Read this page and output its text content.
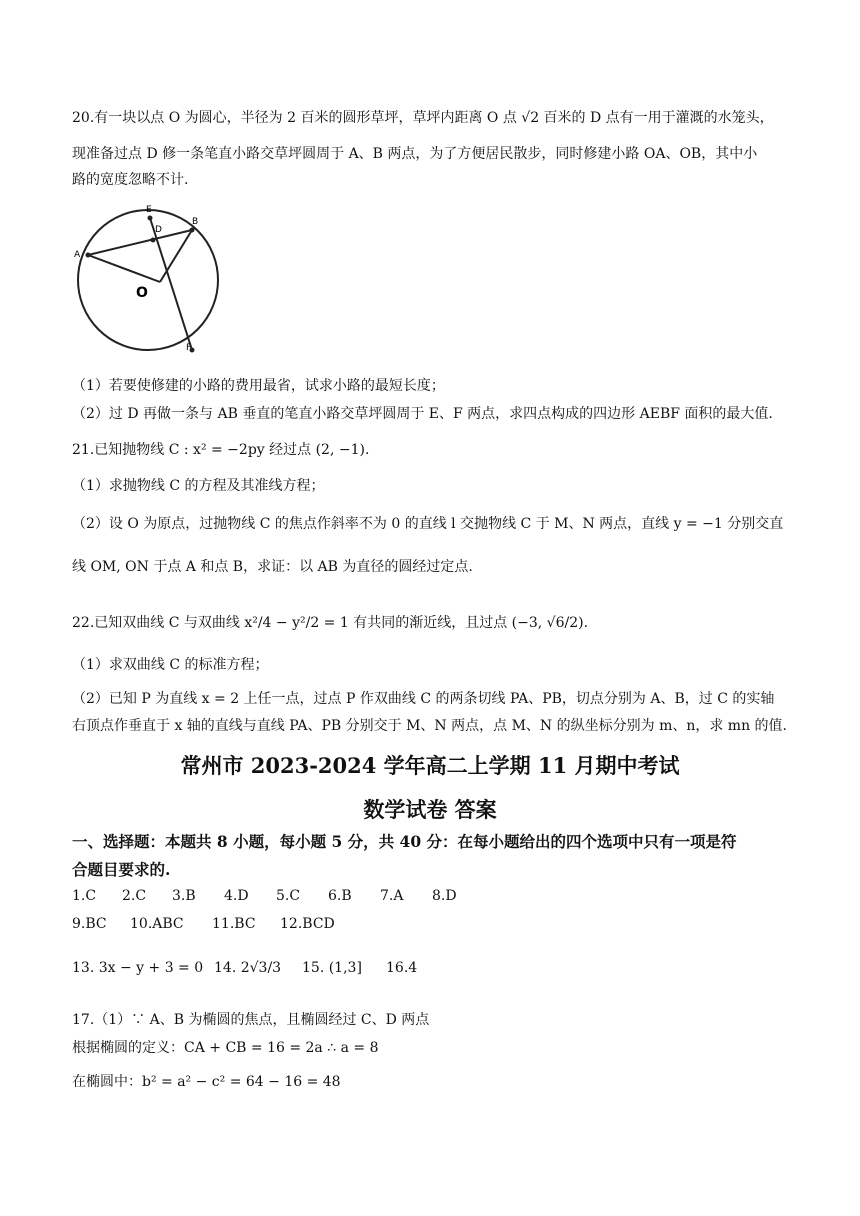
20.有一块以点 O 为圆心，半径为 2 百米的圆形草坪，草坪内距离 O 点 √2 百米的 D 点有一用于灌溉的水笼头，
现准备过点 D 修一条笔直小路交草坪圆周于 A、B 两点，为了方便居民散步，同时修建小路 OA、OB，其中小
路的宽度忽略不计.
A
B
E
D
O
F
（1）若要使修建的小路的费用最省，试求小路的最短长度；
（2）过 D 再做一条与 AB 垂直的笔直小路交草坪圆周于 E、F 两点，求四点构成的四边形 AEBF 面积的最大值.
21.已知抛物线 C : x² = −2py 经过点 (2, −1).
（1）求抛物线 C 的方程及其准线方程；
（2）设 O 为原点，过抛物线 C 的焦点作斜率不为 0 的直线 l 交抛物线 C 于 M、N 两点，直线 y = −1 分别交直
线 OM, ON 于点 A 和点 B，求证：以 AB 为直径的圆经过定点.
22.已知双曲线 C 与双曲线 x²/4 − y²/2 = 1 有共同的渐近线，且过点 (−3, √6/2).
（1）求双曲线 C 的标准方程；
（2）已知 P 为直线 x = 2 上任一点，过点 P 作双曲线 C 的两条切线 PA、PB，切点分别为 A、B，过 C 的实轴
右顶点作垂直于 x 轴的直线与直线 PA、PB 分别交于 M、N 两点，点 M、N 的纵坐标分别为 m、n，求 mn 的值.
常州市 2023-2024 学年高二上学期 11 月期中考试
数学试卷 答案
一、选择题：本题共 8 小题，每小题 5 分，共 40 分：在每小题给出的四个选项中只有一项是符
合题目要求的.
1.C 2.C 3.B 4.D 5.C 6.B 7.A 8.D
9.BC 10.ABC 11.BC 12.BCD
13. 3x − y + 3 = 0 14. 2√3/3 15. (1,3] 16.4
17.（1）∵ A、B 为椭圆的焦点，且椭圆经过 C、D 两点
根据椭圆的定义：CA + CB = 16 = 2a ∴ a = 8
在椭圆中：b² = a² − c² = 64 − 16 = 48
